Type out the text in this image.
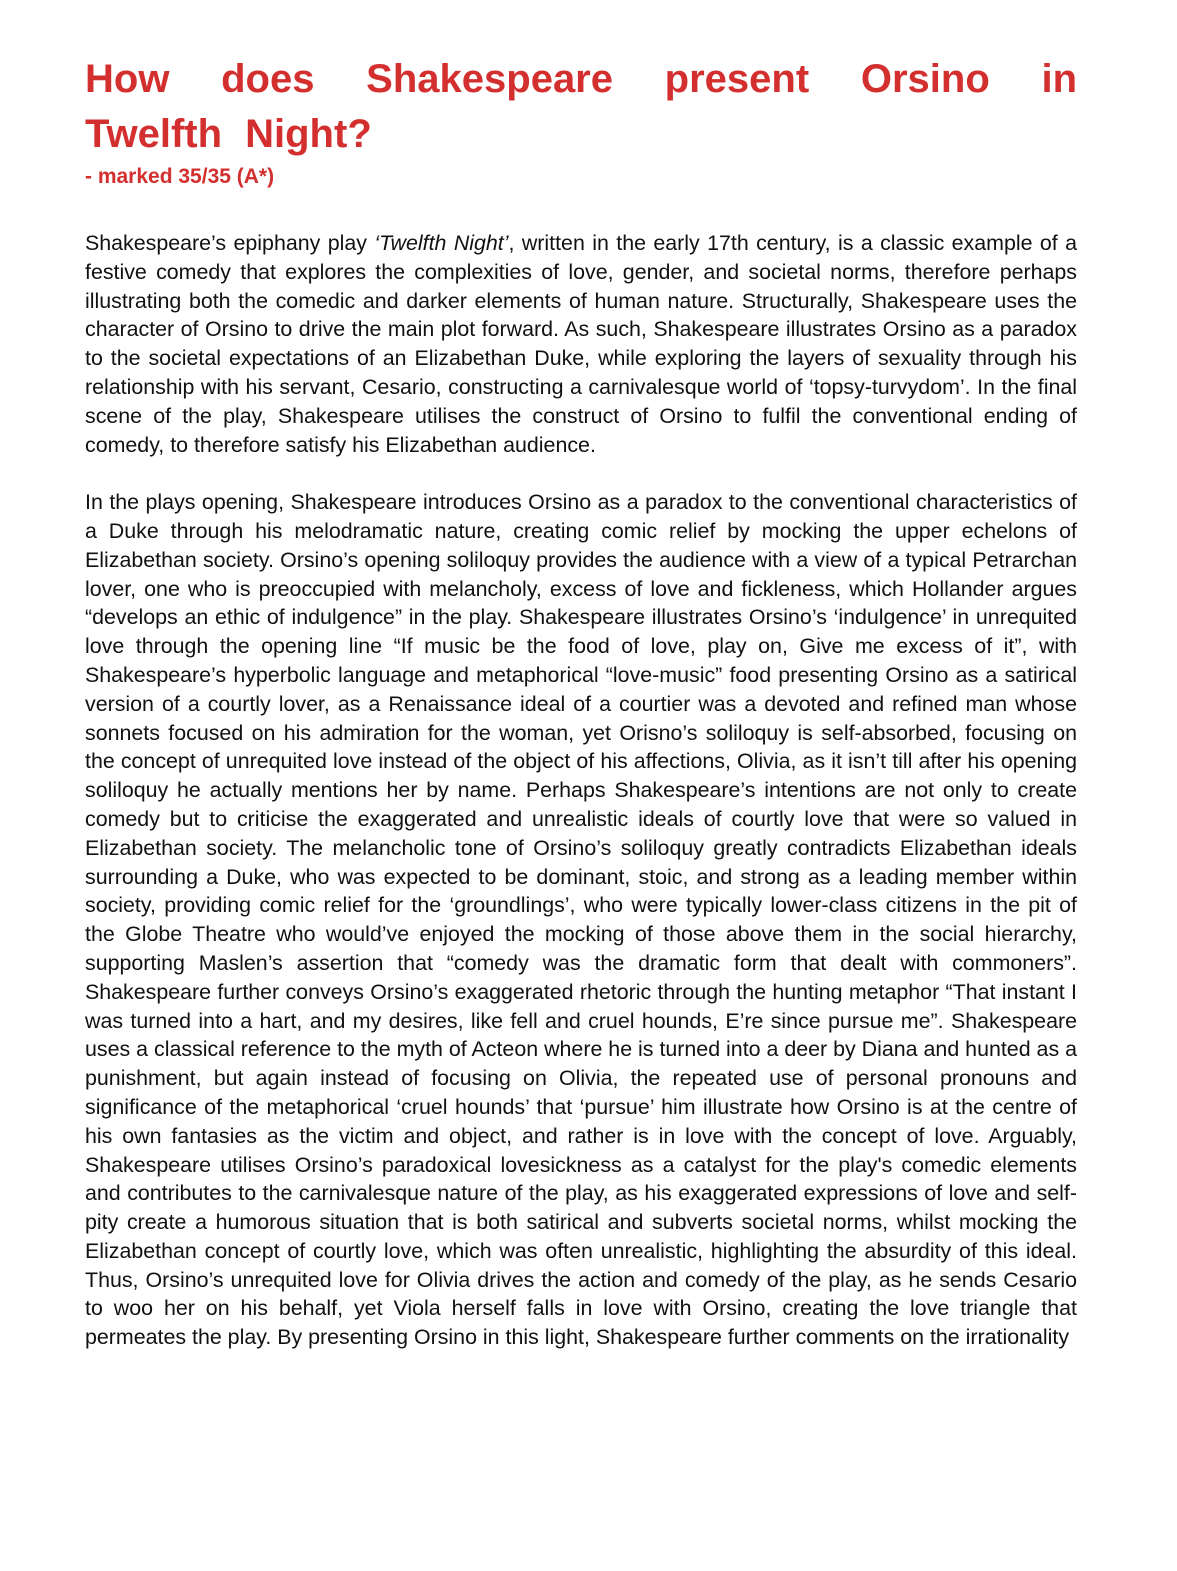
How does Shakespeare present Orsino in Twelfth Night?
- marked 35/35 (A*)

Shakespeare’s epiphany play ‘Twelfth Night’, written in the early 17th century, is a classic example of a festive comedy that explores the complexities of love, gender, and societal norms, therefore perhaps illustrating both the comedic and darker elements of human nature. Structurally, Shakespeare uses the character of Orsino to drive the main plot forward. As such, Shakespeare illustrates Orsino as a paradox to the societal expectations of an Elizabethan Duke, while exploring the layers of sexuality through his relationship with his servant, Cesario, constructing a carnivalesque world of ‘topsy-turvydom’. In the final scene of the play, Shakespeare utilises the construct of Orsino to fulfil the conventional ending of comedy, to therefore satisfy his Elizabethan audience.

In the plays opening, Shakespeare introduces Orsino as a paradox to the conventional characteristics of a Duke through his melodramatic nature, creating comic relief by mocking the upper echelons of Elizabethan society. Orsino’s opening soliloquy provides the audience with a view of a typical Petrarchan lover, one who is preoccupied with melancholy, excess of love and fickleness, which Hollander argues “develops an ethic of indulgence” in the play. Shakespeare illustrates Orsino’s ‘indulgence’ in unrequited love through the opening line “If music be the food of love, play on, Give me excess of it”, with Shakespeare’s hyperbolic language and metaphorical “love-music” food presenting Orsino as a satirical version of a courtly lover, as a Renaissance ideal of a courtier was a devoted and refined man whose sonnets focused on his admiration for the woman, yet Orisno’s soliloquy is self-absorbed, focusing on the concept of unrequited love instead of the object of his affections, Olivia, as it isn’t till after his opening soliloquy he actually mentions her by name. Perhaps Shakespeare’s intentions are not only to create comedy but to criticise the exaggerated and unrealistic ideals of courtly love that were so valued in Elizabethan society. The melancholic tone of Orsino’s soliloquy greatly contradicts Elizabethan ideals surrounding a Duke, who was expected to be dominant, stoic, and strong as a leading member within society, providing comic relief for the ‘groundlings’, who were typically lower-class citizens in the pit of the Globe Theatre who would’ve enjoyed the mocking of those above them in the social hierarchy, supporting Maslen’s assertion that “comedy was the dramatic form that dealt with commoners”. Shakespeare further conveys Orsino’s exaggerated rhetoric through the hunting metaphor “That instant I was turned into a hart, and my desires, like fell and cruel hounds, E’re since pursue me”. Shakespeare uses a classical reference to the myth of Acteon where he is turned into a deer by Diana and hunted as a punishment, but again instead of focusing on Olivia, the repeated use of personal pronouns and significance of the metaphorical ‘cruel hounds’ that ‘pursue’ him illustrate how Orsino is at the centre of his own fantasies as the victim and object, and rather is in love with the concept of love. Arguably, Shakespeare utilises Orsino’s paradoxical lovesickness as a catalyst for the play's comedic elements and contributes to the carnivalesque nature of the play, as his exaggerated expressions of love and self-pity create a humorous situation that is both satirical and subverts societal norms, whilst mocking the Elizabethan concept of courtly love, which was often unrealistic, highlighting the absurdity of this ideal. Thus, Orsino’s unrequited love for Olivia drives the action and comedy of the play, as he sends Cesario to woo her on his behalf, yet Viola herself falls in love with Orsino, creating the love triangle that permeates the play. By presenting Orsino in this light, Shakespeare further comments on the irrationality
